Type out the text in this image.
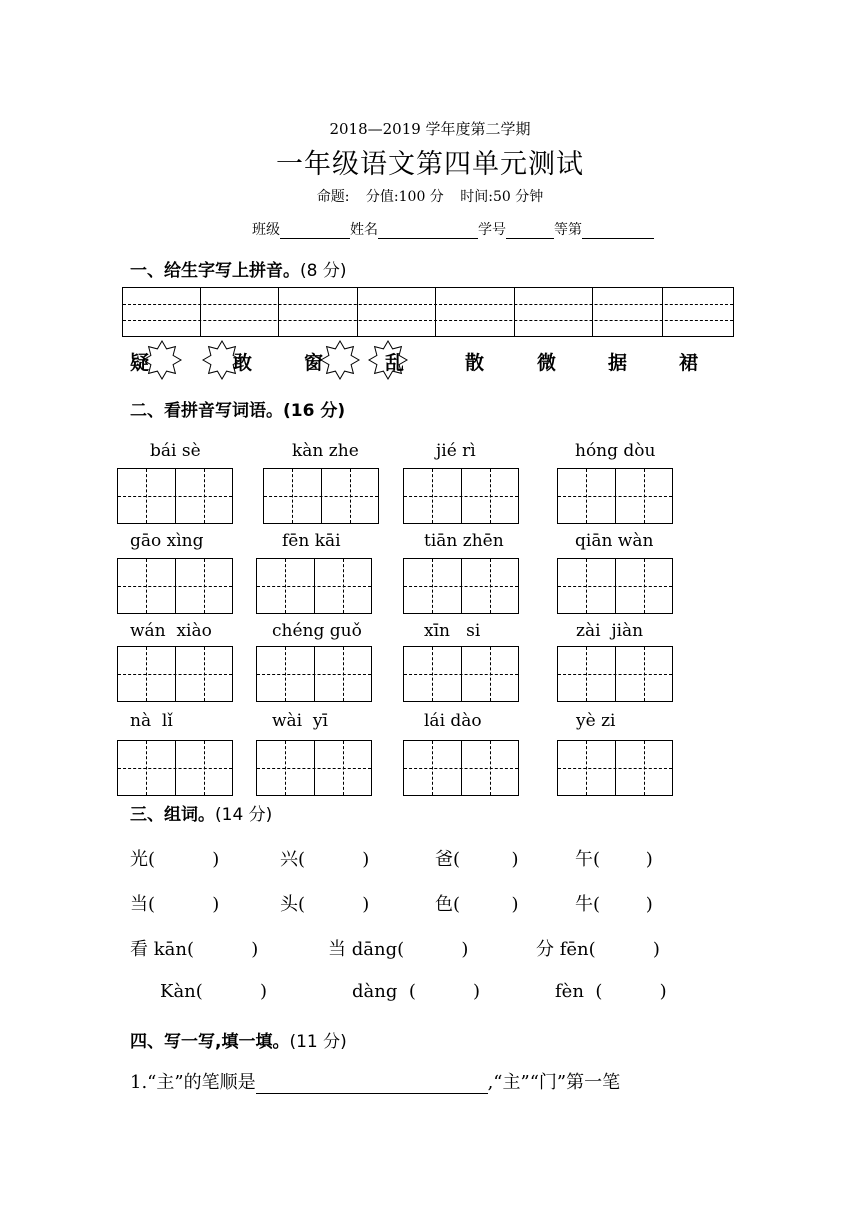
2018—2019 学年度第二学期
一年级语文第四单元测试
命题: 分值:100 分 时间:50 分钟
班级	姓名	学号	等第
一、给生字写上拼音。(8 分)
疑	敢	窗	乱	散	微	据	裙
二、看拼音写词语。(16 分)
bái sè	kàn zhe	jié rì	hóng dòu
gāo xìng	fēn kāi	tiān zhēn	qiān wàn
wán  xiào	chéng guǒ	xīn   si	zài  jiàn
nà  lǐ	wài  yī	lái dào	yè zi
三、组词。(14 分)
光(          )	兴(          )	爸(         )	午(        )
当(          )	头(          )	色(         )	牛(        )
看 kān(          )	当 dāng(          )	分 fēn(          )
Kàn(          )	dàng  (          )	fèn  (          )
四、写一写,填一填。(11 分)
1.“主”的笔顺是	,“主”“门”第一笔
